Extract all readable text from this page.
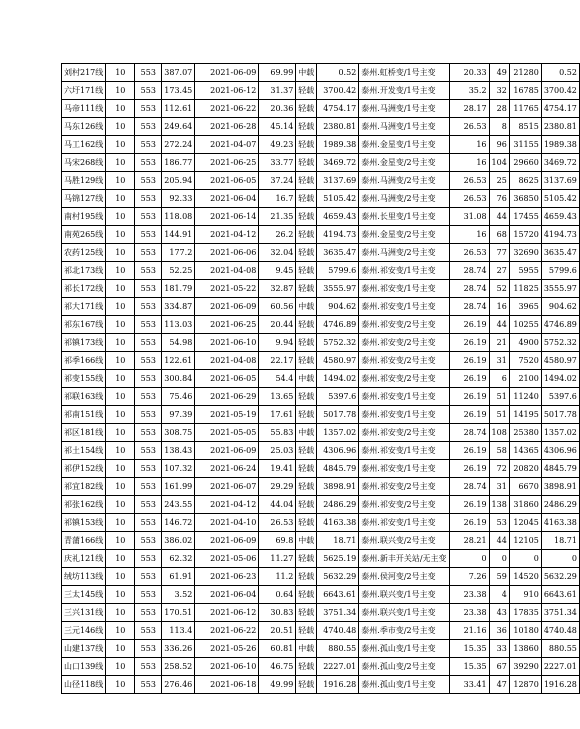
刘村217线	10	553	387.07	2021-06-09	69.99	中载	0.52	泰州.虹桥变/1号主变	20.33	49	21280	0.52
六圩171线	10	553	173.45	2021-06-12	31.37	轻载	3700.42	泰州.开发变/1号主变	35.2	32	16785	3700.42
马帝111线	10	553	112.61	2021-06-22	20.36	轻载	4754.17	泰州.马洲变/1号主变	28.17	28	11765	4754.17
马东126线	10	553	249.64	2021-06-28	45.14	轻载	2380.81	泰州.马洲变/1号主变	26.53	8	8515	2380.81
马工162线	10	553	272.24	2021-04-07	49.23	轻载	1989.38	泰州.金星变/1号主变	16	96	31155	1989.38
马宋268线	10	553	186.77	2021-06-25	33.77	轻载	3469.72	泰州.金星变/2号主变	16	104	29660	3469.72
马胜129线	10	553	205.94	2021-06-05	37.24	轻载	3137.69	泰州.马洲变/2号主变	26.53	25	8625	3137.69
马锦127线	10	553	92.33	2021-06-04	16.7	轻载	5105.42	泰州.马洲变/2号主变	26.53	76	36850	5105.42
南村195线	10	553	118.08	2021-06-14	21.35	轻载	4659.43	泰州.长里变/1号主变	31.08	44	17455	4659.43
南苑265线	10	553	144.91	2021-04-12	26.2	轻载	4194.73	泰州.金星变/2号主变	16	68	15720	4194.73
农药125线	10	553	177.2	2021-06-06	32.04	轻载	3635.47	泰州.马洲变/2号主变	26.53	77	32690	3635.47
祁北173线	10	553	52.25	2021-04-08	9.45	轻载	5799.6	泰州.祁安变/1号主变	28.74	27	5955	5799.6
祁长172线	10	553	181.79	2021-05-22	32.87	轻载	3555.97	泰州.祁安变/1号主变	28.74	52	11825	3555.97
祁大171线	10	553	334.87	2021-06-09	60.56	中载	904.62	泰州.祁安变/1号主变	28.74	16	3965	904.62
祁东167线	10	553	113.03	2021-06-25	20.44	轻载	4746.89	泰州.祁安变/2号主变	26.19	44	10255	4746.89
祁镇173线	10	553	54.98	2021-06-10	9.94	轻载	5752.32	泰州.祁安变/2号主变	26.19	21	4900	5752.32
祁季166线	10	553	122.61	2021-04-08	22.17	轻载	4580.97	泰州.祁安变/2号主变	26.19	31	7520	4580.97
祁变155线	10	553	300.84	2021-06-05	54.4	中载	1494.02	泰州.祁安变/2号主变	26.19	6	2100	1494.02
祁联163线	10	553	75.46	2021-06-29	13.65	轻载	5397.6	泰州.祁安变/1号主变	26.19	51	11240	5397.6
祁南151线	10	553	97.39	2021-05-19	17.61	轻载	5017.78	泰州.祁安变/1号主变	26.19	51	14195	5017.78
祁区181线	10	553	308.75	2021-05-05	55.83	中载	1357.02	泰州.祁安变/2号主变	28.74	108	25380	1357.02
祁土154线	10	553	138.43	2021-06-09	25.03	轻载	4306.96	泰州.祁安变/1号主变	26.19	58	14365	4306.96
祁伊152线	10	553	107.32	2021-06-24	19.41	轻载	4845.79	泰州.祁安变/1号主变	26.19	72	20820	4845.79
祁宜182线	10	553	161.99	2021-06-07	29.29	轻载	3898.91	泰州.祁安变/2号主变	28.74	31	6670	3898.91
祁张162线	10	553	243.55	2021-04-12	44.04	轻载	2486.29	泰州.祁安变/2号主变	26.19	138	31860	2486.29
祁镇153线	10	553	146.72	2021-04-10	26.53	轻载	4163.38	泰州.祁安变/1号主变	26.19	53	12045	4163.38
青蒲166线	10	553	386.02	2021-06-09	69.8	中载	18.71	泰州.联兴变/2号主变	28.21	44	12105	18.71
庆礼121线	10	553	62.32	2021-05-06	11.27	轻载	5625.19	泰州.新丰开关站/无主变	0	0	0	0
绒坊113线	10	553	61.91	2021-06-23	11.2	轻载	5632.29	泰州.侯河变/2号主变	7.26	59	14520	5632.29
三太145线	10	553	3.52	2021-06-04	0.64	轻载	6643.61	泰州.联兴变/1号主变	23.38	4	910	6643.61
三兴131线	10	553	170.51	2021-06-12	30.83	轻载	3751.34	泰州.联兴变/1号主变	23.38	43	17835	3751.34
三元146线	10	553	113.4	2021-06-22	20.51	轻载	4740.48	泰州.季市变/2号主变	21.16	36	10180	4740.48
山建137线	10	553	336.26	2021-05-26	60.81	中载	880.55	泰州.孤山变/1号主变	15.35	33	13860	880.55
山口139线	10	553	258.52	2021-06-10	46.75	轻载	2227.01	泰州.孤山变/2号主变	15.35	67	39290	2227.01
山径118线	10	553	276.46	2021-06-18	49.99	轻载	1916.28	泰州.孤山变/1号主变	33.41	47	12870	1916.28
